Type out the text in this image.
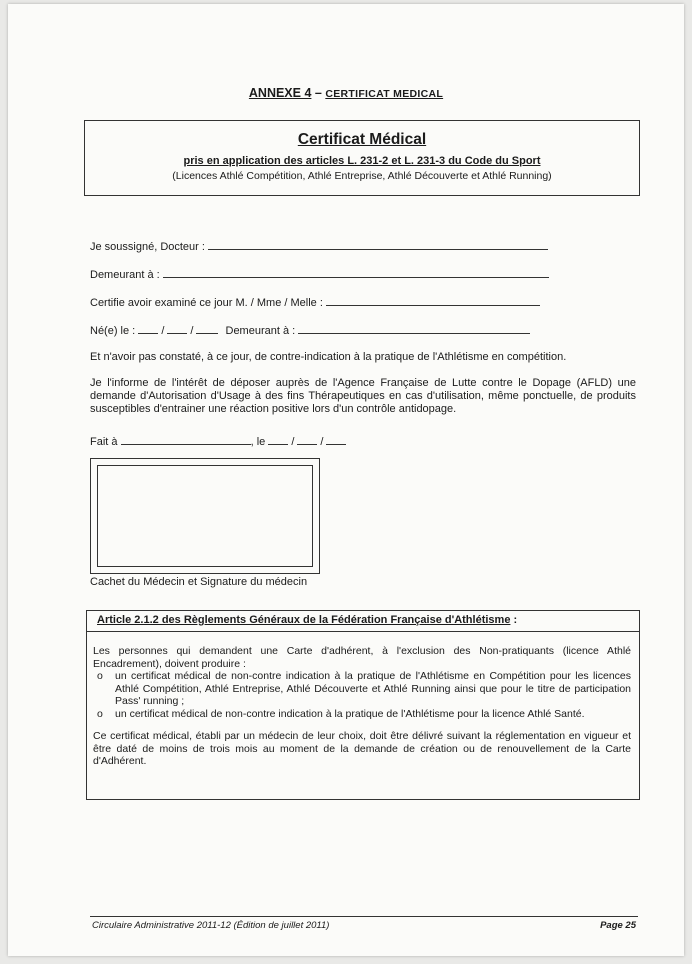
ANNEXE 4 – CERTIFICAT MEDICAL
Certificat Médical
pris en application des articles L. 231-2 et L. 231-3 du Code du Sport
(Licences Athlé Compétition, Athlé Entreprise, Athlé Découverte et Athlé Running)
Je soussigné, Docteur :
Demeurant à :
Certifie avoir examiné ce jour M. / Mme / Melle :
Né(e) le : / /	Demeurant à :
Et n'avoir pas constaté, à ce jour, de contre-indication à la pratique de l'Athlétisme en compétition.
Je l'informe de l'intérêt de déposer auprès de l'Agence Française de Lutte contre le Dopage (AFLD) une demande d'Autorisation d'Usage à des fins Thérapeutiques en cas d'utilisation, même ponctuelle, de produits susceptibles d'entrainer une réaction positive lors d'un contrôle antidopage.
Fait à	, le / /
Cachet du Médecin et Signature du médecin
Article 2.1.2 des Règlements Généraux de la Fédération Française d'Athlétisme :
Les personnes qui demandent une Carte d'adhérent, à l'exclusion des Non-pratiquants (licence Athlé Encadrement), doivent produire :
o un certificat médical de non-contre indication à la pratique de l'Athlétisme en Compétition pour les licences Athlé Compétition, Athlé Entreprise, Athlé Découverte et Athlé Running ainsi que pour le titre de participation Pass' running ;
o un certificat médical de non-contre indication à la pratique de l'Athlétisme pour la licence Athlé Santé.
Ce certificat médical, établi par un médecin de leur choix, doit être délivré suivant la réglementation en vigueur et être daté de moins de trois mois au moment de la demande de création ou de renouvellement de la Carte d'Adhérent.
Circulaire Administrative 2011-12 (Édition de juillet 2011)	Page 25
